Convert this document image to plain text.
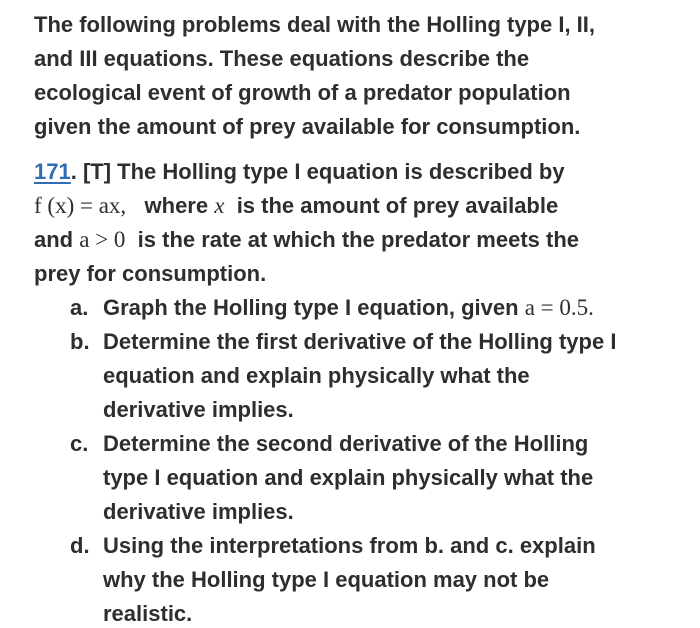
The following problems deal with the Holling type I, II,
and III equations. These equations describe the
ecological event of growth of a predator population
given the amount of prey available for consumption.
171. [T] The Holling type I equation is described by
f (x) = ax, where x is the amount of prey available
and a > 0 is the rate at which the predator meets the
prey for consumption.
a. Graph the Holling type I equation, given a = 0.5.
b. Determine the first derivative of the Holling type I
equation and explain physically what the
derivative implies.
c. Determine the second derivative of the Holling
type I equation and explain physically what the
derivative implies.
d. Using the interpretations from b. and c. explain
why the Holling type I equation may not be
realistic.
